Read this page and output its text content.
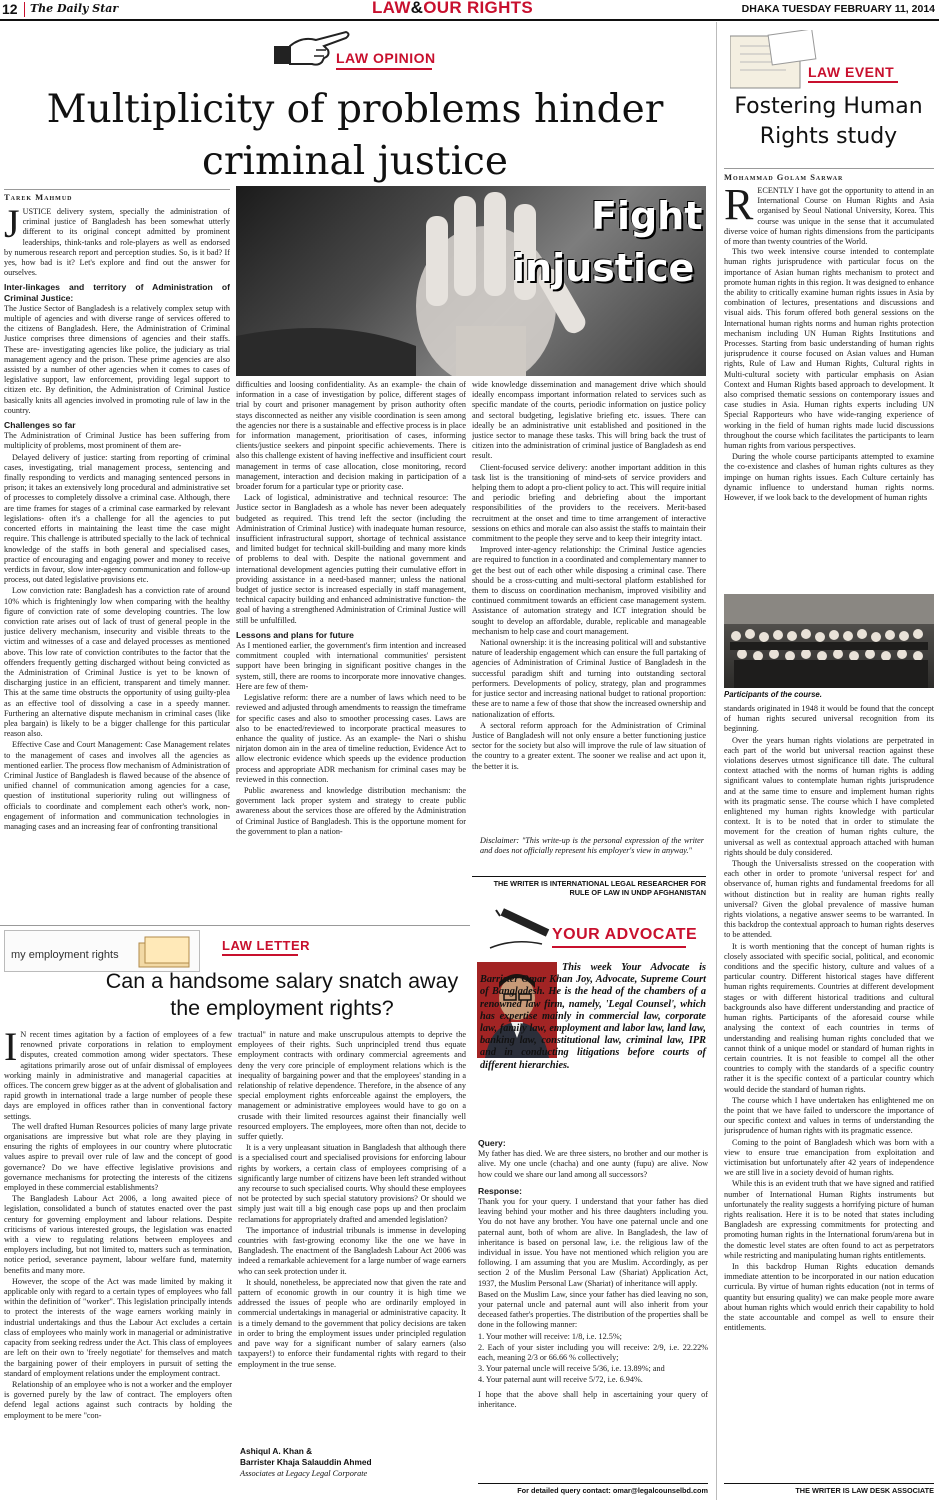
12 The Daily Star	LAW&OUR RIGHTS	DHAKA TUESDAY FEBRUARY 11, 2014
LAW OPINION
Multiplicity of problems hinder criminal justice
Tarek Mahmud	Fight
injustice
JUSTICE delivery system, specially the administration of criminal justice of Bangladesh has been somewhat utterly different to its original concept admitted by prominent leaderships, think-tanks and role-players as well as endorsed by numerous research report and perception studies. So, is it bad? If yes, how bad is it? Let's explore and find out the answer for ourselves.
Inter-linkages and territory of Administration of Criminal Justice:

The Justice Sector of Bangladesh is a relatively complex setup with multiple of agencies and with diverse range of services offered to the citizens of Bangladesh. Here, the Administration of Criminal Justice comprises three dimensions of agencies and their staffs. These are- investigating agencies like police, the judiciary as trial management agency and the prison. These prime agencies are also assisted by a number of other agencies when it comes to cases of legislative support, law enforcement, providing legal support to citizen etc. By definition, the Administration of Criminal Justice basically knits all agencies involved in promoting rule of law in the country.

Challenges so far

The Administration of Criminal Justice has been suffering from multiplicity of problems, most prominent of them are-

Delayed delivery of justice: starting from reporting of criminal cases, investigating, trial management process, sentencing and finally responding to verdicts and managing sentenced persons in prison; it takes an extensively long procedural and administrative set of processes to completely dissolve a criminal case. Although, there are time frames for stages of a criminal case earmarked by relevant legislations- often it's a challenge for all the agencies to put concerted efforts in maintaining the least time the case might require. This challenge is attributed specially to the lack of technical knowledge of the staffs in both general and specialised cases, practice of encouraging and engaging power and money to receive verdicts in favour, slow inter-agency communication and follow-up process, out dated legislative provisions etc.

Low conviction rate: Bangladesh has a conviction rate of around 10% which is frighteningly low when comparing with the healthy figure of conviction rate of some developing countries. The low conviction rate arises out of lack of trust of general people in the justice delivery mechanism, insecurity and visible threats to the victim and witnesses of a case and delayed processes as mentioned above. This low rate of conviction contributes to the factor that the offenders frequently getting discharged without being convicted as the Administration of Criminal Justice is yet to be known of discharging justice in an efficient, transparent and timely manner. This at the same time obstructs the opportunity of using guilty-plea as an effective tool of dissolving a case in a speedy manner. Furthering an alternative dispute mechanism in criminal cases (like plea bargain) is likely to be a bigger challenge for this particular reason also.

Effective Case and Court Management: Case Management relates to the management of cases and involves all the agencies as mentioned earlier. The process flow mechanism of Administration of Criminal Justice of Bangladesh is flawed because of the absence of unified channel of communication among agencies for a case, question of institutional superiority ruling out willingness of officials to coordinate and complement each other's work, non-engagement of information and communication technologies in managing cases and an increasing fear of confronting transitional

difficulties and loosing confidentiality. As an example- the chain of information in a case of investigation by police, different stages of trial by court and prisoner management by prison authority often stays disconnected as neither any visible coordination is seen among the agencies nor there is a sustainable and effective process is in place for information management, prioritisation of cases, informing clients/justice seekers and pinpoint specific achievements. There is also this challenge existent of having ineffective and insufficient court management in terms of case allocation, close monitoring, record management, interaction and decision making in participation of a broader forum for a particular type or priority case.

Lack of logistical, administrative and technical resource: The Justice sector in Bangladesh as a whole has never been adequately budgeted as required. This trend left the sector (including the Administration of Criminal Justice) with inadequate human resource, insufficient infrastructural support, shortage of technical assistance and limited budget for technical skill-building and many more kinds of problems to deal with. Despite the national government and international development agencies putting their cumulative effort in providing assistance in a need-based manner; unless the national budget of justice sector is increased especially in staff management, technical capacity building and enhanced administrative function- the goal of having a strengthened Administration of Criminal Justice will still be unfulfilled.

Lessons and plans for future

As I mentioned earlier, the government's firm intention and increased commitment coupled with international communities' persistent support have been bringing in significant positive changes in the system, still, there are rooms to incorporate more innovative changes. Here are few of them-

Legislative reform: there are a number of laws which need to be reviewed and adjusted through amendments to reassign the timeframe for specific cases and also to smoother processing cases. Laws are also to be enacted/reviewed to incorporate practical measures to enhance the quality of justice. As an example- the Nari o shishu nirjaton domon ain in the area of timeline reduction, Evidence Act to allow electronic evidence which speeds up the evidence production process and appropriate ADR mechanism for criminal cases may be reviewed in this connection.

Public awareness and knowledge distribution mechanism: the government lack proper system and strategy to create public awareness about the services those are offered by the Administration of Criminal Justice of Bangladesh. This is the opportune moment for the government to plan a nation-

wide knowledge dissemination and management drive which should ideally encompass important information related to services such as specific mandate of the courts, periodic information on justice policy and sectoral budgeting, legislative briefing etc. issues. There can ideally be an administrative unit established and positioned in the justice sector to manage these tasks. This will bring back the trust of citizen into the administration of criminal justice of Bangladesh as end result.

Client-focused service delivery: another important addition in this task list is the transitioning of mind-sets of service providers and helping them to adopt a pro-client policy to act. This will require initial and periodic briefing and debriefing about the important responsibilities of the providers to the receivers. Merit-based recruitment at the onset and time to time arrangement of interactive sessions on ethics and morale can also assist the staffs to maintain their commitment to the people they serve and to keep their integrity intact.

Improved inter-agency relationship: the Criminal Justice agencies are required to function in a coordinated and complementary manner to get the best out of each other while disposing a criminal case. There should be a cross-cutting and multi-sectoral platform established for them to discuss on coordination mechanism, improved visibility and continued commitment towards an efficient case management system. Assistance of automation strategy and ICT integration should be sought to develop an affordable, durable, replicable and manageable mechanism to help case and court management.

National ownership: it is the increasing political will and substantive nature of leadership engagement which can ensure the full partaking of agencies of Administration of Criminal Justice of Bangladesh in the successful paradigm shift and turning into outstanding sectoral performers. Developments of policy, strategy, plan and programmes for justice sector and increasing national budget to rational proportion: these are to name a few of those that show the increased ownership and nationalization of efforts.

A sectoral reform approach for the Administration of Criminal Justice of Bangladesh will not only ensure a better functioning justice sector for the society but also will improve the rule of law situation of the country to a greater extent. The sooner we realise and act upon it, the better it is.

Disclaimer: "This write-up is the personal expression of the writer and does not officially represent his employer's view in anyway."
THE WRITER IS INTERNATIONAL LEGAL RESEARCHER FOR RULE OF LAW IN UNDP AFGHANISTAN
LAW EVENT
Fostering Human Rights study
Mohammad Golam Sarwar
RECENTLY I have got the opportunity to attend in an International Course on Human Rights and Asia organised by Seoul National University, Korea. This course was unique in the sense that it accumulated diverse voice of human rights dimensions from the participants of more than twenty countries of the World.

This two week intensive course intended to contemplate human rights jurisprudence with particular focus on the importance of Asian human rights mechanism to protect and promote human rights in this region. It was designed to enhance the ability to critically examine human rights issues in Asia by combination of lectures, presentations and discussions and visual aids. This forum offered both general sessions on the International human rights norms and human rights protection mechanism including UN Human Rights Institutions and Processes. Starting from basic understanding of human rights jurisprudence it course focused on Asian values and Human rights, Rule of Law and Human Rights, Cultural rights in Multi-cultural society with particular emphasis on Asian Context and Human Rights based approach to development. It also comprised thematic sessions on contemporary issues and case studies in Asia. Human rights experts including UN Special Rapporteurs who have wide-ranging experience of working in the field of human rights made lucid discussions throughout the course which facilitates the participants to learn human rights from various perspectives.

During the whole course participants attempted to examine the co-existence and clashes of human rights cultures as they impinge on human rights issues. Each Culture certainly has dynamic influence to understand human rights norms. However, if we look back to the development of human rights

Participants of the course.

standards originated in 1948 it would be found that the concept of human rights secured universal recognition from its beginning.

Over the years human rights violations are perpetrated in each part of the world but universal reaction against these violations deserves utmost significance till date. The cultural context attached with the norms of human rights is adding significant values to contemplate human rights jurisprudence and at the same time to ensure and implement human rights with its pragmatic sense. The course which I have completed enlightened my human rights knowledge with particular context. It is to be noted that in order to stimulate the movement for the creation of human rights culture, the universal as well as contextual approach attached with human rights should be duly considered.

Though the Universalists stressed on the cooperation with each other in order to promote 'universal respect for' and observance of, human rights and fundamental freedoms for all without distinction but in reality are human rights really universal? Given the global prevalence of massive human rights violations, a negative answer seems to be warranted. In this backdrop the contextual approach to human rights deserves to be attended.

It is worth mentioning that the concept of human rights is closely associated with specific social, political, and economic conditions and the specific history, culture and values of a particular country. Different historical stages have different human rights requirements. Countries at different development stages or with different historical traditions and cultural backgrounds also have different understanding and practice of human rights. Participants of the aforesaid course while analysing the context of each countries in terms of understanding and realising human rights concluded that we cannot think of a unique model or standard of human rights in certain countries. It is not feasible to compel all the other countries to comply with the standards of a specific country rather it is the specific context of a particular country which would decide the standard of human rights.

The course which I have undertaken has enlightened me on the point that we have failed to underscore the importance of our specific context and values in terms of understanding the jurisprudence of human rights with its pragmatic essence.

Coming to the point of Bangladesh which was born with a view to ensure true emancipation from exploitation and victimisation but unfortunately after 42 years of independence we are still live in a society devoid of human rights.

While this is an evident truth that we have signed and ratified number of International Human Rights instruments but unfortunately the reality suggests a horrifying picture of human rights realisation. Here it is to be noted that states including Bangladesh are expressing commitments for protecting and promoting human rights in the International forum/arena but in the domestic level states are often found to act as perpetrators while restricting and manipulating human rights entitlements.

In this backdrop Human Rights education demands immediate attention to be incorporated in our nation education curricula. By virtue of human rights education (not in terms of quantity but ensuring quality) we can make people more aware about human rights which would enrich their capability to hold the state accountable and compel as well to ensure their entitlements.

THE WRITER IS LAW DESK ASSOCIATE
my employment rights
LAW LETTER
Can a handsome salary snatch away the employment rights?
I N recent times agitation by a faction of employees of a few renowned private corporations in relation to employment disputes, created commotion among wider spectators. These agitations primarily arose out of unfair dismissal of employees working mainly in administrative and managerial capacities at offices. The concern grew bigger as at the advent of globalisation and rapid growth in international trade a large number of people these days are employed in offices rather than in conventional factory settings.

The well drafted Human Resources policies of many large private organisations are impressive but what role are they playing in ensuring the rights of employees in our country where plutocratic values aspire to prevail over rule of law and the concept of good governance? Do we have effective legislative provisions and governance mechanisms for protecting the interests of the citizens employed in these commercial establishments?

The Bangladesh Labour Act 2006, a long awaited piece of legislation, consolidated a bunch of statutes enacted over the past century for governing employment and labour relations. Despite criticisms of various interested groups, the legislation was enacted with a view to regulating relations between employees and employers including, but not limited to, matters such as termination, notice period, severance payment, labour welfare fund, maternity benefits and many more.

However, the scope of the Act was made limited by making it applicable only with regard to a certain types of employees who fall within the definition of "worker". This legislation principally intends to protect the interests of the wage earners working mainly in industrial undertakings and thus the Labour Act excludes a certain class of employees who mainly work in managerial or administrative capacity from seeking redress under the Act. This class of employees are left on their own to 'freely negotiate' for themselves and match the bargaining power of their employers in pursuit of setting the standard of employment relations under the employment contract.

Relationship of an employee who is not a worker and the employer is governed purely by the law of contract. The employers often defend legal actions against such contracts by holding the employment to be mere "con-

tractual" in nature and make unscrupulous attempts to deprive the employees of their rights. Such unprincipled trend thus equate employment contracts with ordinary commercial agreements and deny the very core principle of employment relations which is the inequality of bargaining power and that the employees' standing in a relationship of relative dependence. Therefore, in the absence of any special employment rights enforceable against the employers, the management or administrative employees would have to go on a crusade with their limited resources against their financially well resourced employers. The employees, more often than not, decide to suffer quietly.

It is a very unpleasant situation in Bangladesh that although there is a specialised court and specialised provisions for enforcing labour rights by workers, a certain class of employees comprising of a significantly large number of citizens have been left stranded without any recourse to such specialised courts. Why should these employees not be protected by such special statutory provisions? Or should we simply just wait till a big enough case pops up and then proclaim reclamations for appropriately drafted and amended legislation?

The importance of industrial tribunals is immense in developing countries with fast-growing economy like the one we have in Bangladesh. The enactment of the Bangladesh Labour Act 2006 was indeed a remarkable achievement for a large number of wage earners who can seek protection under it.

It should, nonetheless, be appreciated now that given the rate and pattern of economic growth in our country it is high time we addressed the issues of people who are ordinarily employed in commercial undertakings in managerial or administrative capacity. It is a timely demand to the government that policy decisions are taken in order to bring the employment issues under principled regulation and pave way for a significant number of salary earners (also taxpayers!) to enforce their fundamental rights with regard to their employment in the true sense.

Ashiqul A. Khan &
Barrister Khaja Salauddin Ahmed
Associates at Legacy Legal Corporate
YOUR ADVOCATE
This week Your Advocate is Barrister Omar Khan Joy, Advocate, Supreme Court of Bangladesh. He is the head of the chambers of a renowned law firm, namely, 'Legal Counsel', which has expertise mainly in commercial law, corporate law, family law, employment and labor law, land law, banking law, constitutional law, criminal law, IPR and in conducting litigations before courts of different hierarchies.
Query:

My father has died. We are three sisters, no brother and our mother is alive. My one uncle (chacha) and one aunty (fupu) are alive. Now how could we share our land among all successors?

Response:

Thank you for your query. I understand that your father has died leaving behind your mother and his three daughters including you. You do not have any brother. You have one paternal uncle and one paternal aunt, both of whom are alive. In Bangladesh, the law of inheritance is based on personal law, i.e. the religious law of the individual in issue. You have not mentioned which religion you are following. I am assuming that you are Muslim. Accordingly, as per section 2 of the Muslim Personal Law (Shariat) Application Act, 1937, the Muslim Personal Law (Shariat) of inheritance will apply.

Based on the Muslim Law, since your father has died leaving no son, your paternal uncle and paternal aunt will also inherit from your deceased father's properties. The distribution of the properties shall be done in the following manner:

1. Your mother will receive: 1/8, i.e. 12.5%;
2. Each of your sister including you will receive: 2/9, i.e. 22.22% each, meaning 2/3 or 66.66 % collectively;
3. Your paternal uncle will receive 5/36, i.e. 13.89%; and
4. Your paternal aunt will receive 5/72, i.e. 6.94%.

I hope that the above shall help in ascertaining your query of inheritance.

For detailed query contact: omar@legalcounselbd.com
